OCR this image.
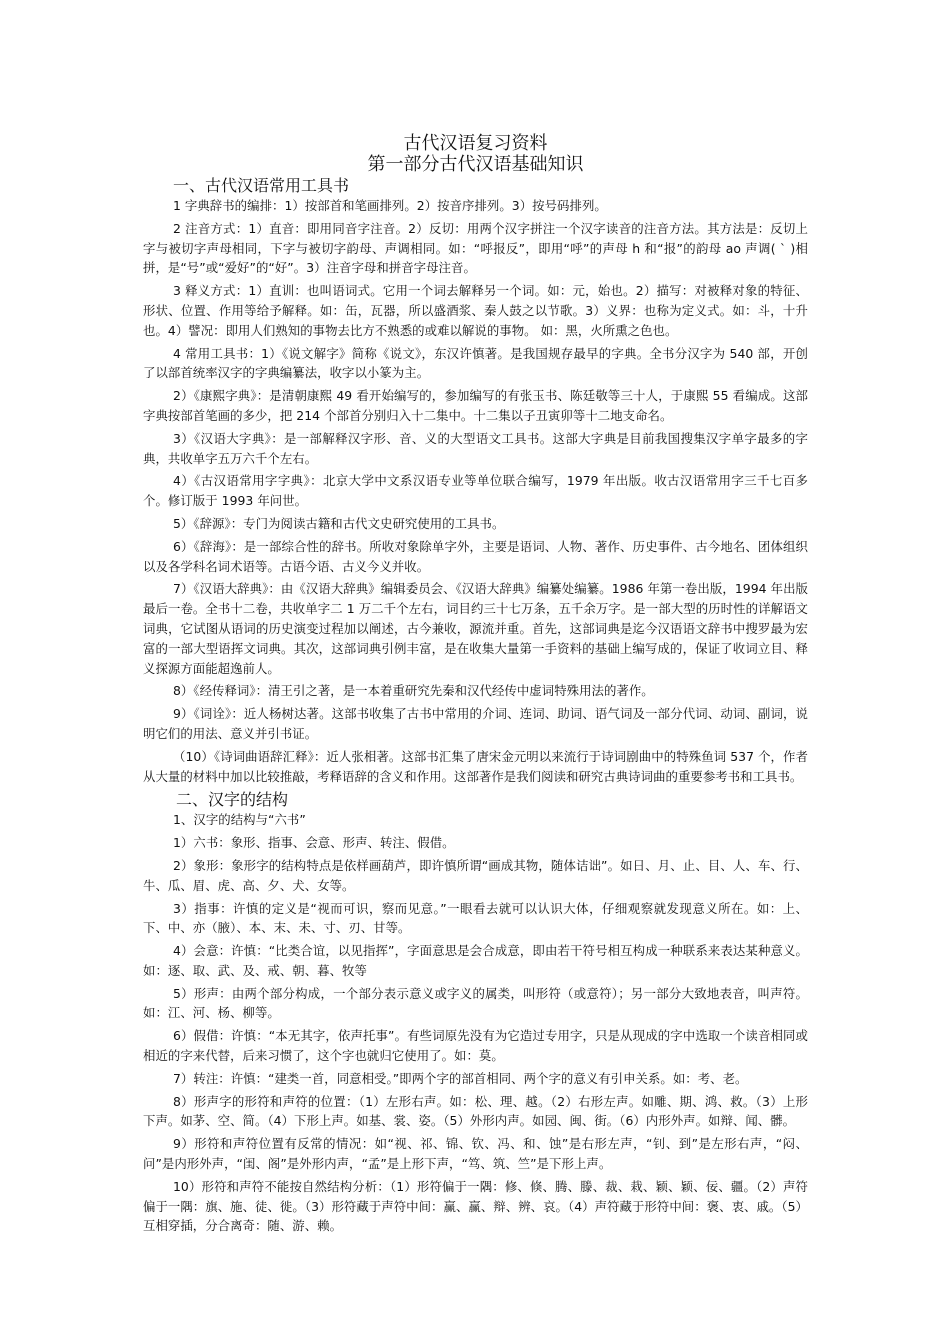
古代汉语复习资料
第一部分古代汉语基础知识
一、古代汉语常用工具书

1 字典辞书的编排：1）按部首和笔画排列。2）按音序排列。3）按号码排列。

2 注音方式：1）直音：即用同音字注音。2）反切：用两个汉字拼注一个汉字读音的注音方法。其方法是：反切上字与被切字声母相同，下字与被切字韵母、声调相同。如：“呼报反”，即用“呼”的声母 h 和“报”的韵母 ao 声调( ` )相拼，是“号”或“爱好”的“好”。3）注音字母和拼音字母注音。

3 释义方式：1）直训：也叫语词式。它用一个词去解释另一个词。如：元，始也。2）描写：对被释对象的特征、形状、位置、作用等给予解释。如：缶，瓦器，所以盛酒浆、秦人鼓之以节歌。3）义界：也称为定义式。如：斗，十升也。4）譬况：即用人们熟知的事物去比方不熟悉的或难以解说的事物。 如：黑，火所熏之色也。

4 常用工具书：1）《说文解字》简称《说文》，东汉许慎著。是我国规存最早的字典。全书分汉字为 540 部，开创了以部首统率汉字的字典编纂法，收字以小篆为主。

2）《康熙字典》：是清朝康熙 49 看开始编写的，参加编写的有张玉书、陈廷敬等三十人，于康熙 55 看编成。这部字典按部首笔画的多少，把 214 个部首分别归入十二集中。十二集以子丑寅卯等十二地支命名。

3）《汉语大字典》：是一部解释汉字形、音、义的大型语文工具书。这部大字典是目前我国搜集汉字单字最多的字典，共收单字五万六千个左右。

4）《古汉语常用字字典》：北京大学中文系汉语专业等单位联合编写，1979 年出版。收古汉语常用字三千七百多个。修订版于 1993 年问世。

5）《辞源》：专门为阅读古籍和古代文史研究使用的工具书。

6）《辞海》：是一部综合性的辞书。所收对象除单字外，主要是语词、人物、著作、历史事件、古今地名、团体组织以及各学科名词术语等。古语今语、古义今义并收。

7）《汉语大辞典》：由《汉语大辞典》编辑委员会、《汉语大辞典》编纂处编纂。1986 年第一卷出版，1994 年出版最后一卷。全书十二卷，共收单字二 1 万二千个左右，词目约三十七万条，五千余万字。是一部大型的历时性的详解语文词典，它试图从语词的历史演变过程加以阐述，古今兼收，源流并重。首先，这部词典是迄今汉语语文辞书中搜罗最为宏富的一部大型语挥文词典。其次，这部词典引例丰富，是在收集大量第一手资料的基础上编写成的，保证了收词立目、释义探源方面能超逸前人。

8）《经传释词》：清王引之著，是一本着重研究先秦和汉代经传中虚词特殊用法的著作。

9）《词诠》：近人杨树达著。这部书收集了古书中常用的介词、连词、助词、语气词及一部分代词、动词、副词，说明它们的用法、意义并引书证。

（10）《诗词曲语辞汇释》：近人张相著。这部书汇集了唐宋金元明以来流行于诗词剧曲中的特殊鱼词 537 个，作者从大量的材料中加以比较推敲，考释语辞的含义和作用。这部著作是我们阅读和研究古典诗词曲的重要参考书和工具书。

二、汉字的结构

1、汉字的结构与“六书”

1）六书：象形、指事、会意、形声、转注、假借。

2）象形：象形字的结构特点是依样画葫芦，即许慎所谓“画成其物，随体诘诎”。如日、月、止、目、人、车、行、牛、瓜、眉、虎、高、夕、犬、女等。

3）指事：许慎的定义是“视而可识，察而见意。”一眼看去就可以认识大体，仔细观察就发现意义所在。如：上、下、中、亦（腋）、本、末、未、寸、刃、甘等。

4）会意：许慎：“比类合谊，以见指挥”，字面意思是会合成意，即由若干符号相互构成一种联系来表达某种意义。如：逐、取、武、及、戒、朝、暮、牧等

5）形声：由两个部分构成，一个部分表示意义或字义的属类，叫形符（或意符）；另一部分大致地表音，叫声符。如：江、河、杨、柳等。

6）假借：许慎：“本无其字，依声托事”。有些词原先没有为它造过专用字，只是从现成的字中选取一个读音相同或相近的字来代替，后来习惯了，这个字也就归它使用了。如：莫。

7）转注：许慎：“建类一首，同意相受。”即两个字的部首相同、两个字的意义有引申关系。如：考、老。

8）形声字的形符和声符的位置：（1）左形右声。如：松、理、越。（2）右形左声。如雕、期、鸿、救。（3）上形下声。如茅、空、简。（4）下形上声。如基、裳、姿。（5）外形内声。如园、闽、街。（6）内形外声。如辩、闻、髒。

9）形符和声符位置有反常的情况：如“视、祁、锦、钦、冯、和、蚀”是右形左声，“钊、到”是左形右声，“闷、问”是内形外声，“闺、阁”是外形内声，“孟”是上形下声，“笃、筑、竺”是下形上声。

10）形符和声符不能按自然结构分析：（1）形符偏于一隅：修、倏、腾、滕、裁、栽、颖、颖、佞、疆。（2）声符偏于一隅：旗、施、徒、徙。（3）形符藏于声符中间：赢、赢、辩、辨、哀。（4）声符藏于形符中间：褒、衷、戚。（5）互相穿插，分合离奇：随、游、赖。
